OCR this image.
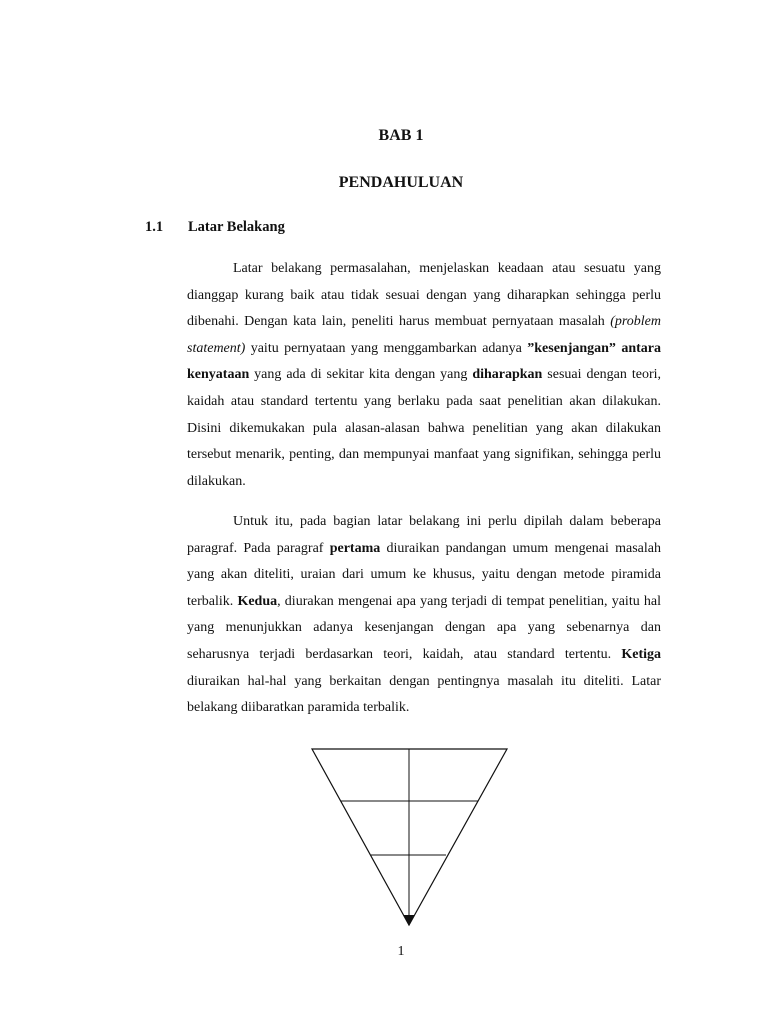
BAB 1
PENDAHULUAN
1.1 Latar Belakang

Latar belakang permasalahan, menjelaskan keadaan atau sesuatu yang dianggap kurang baik atau tidak sesuai dengan yang diharapkan sehingga perlu dibenahi. Dengan kata lain, peneliti harus membuat pernyataan masalah (problem statement) yaitu pernyataan yang menggambarkan adanya ”kesenjangan” antara kenyataan yang ada di sekitar kita dengan yang diharapkan sesuai dengan teori, kaidah atau standard tertentu yang berlaku pada saat penelitian akan dilakukan. Disini dikemukakan pula alasan-alasan bahwa penelitian yang akan dilakukan tersebut menarik, penting, dan mempunyai manfaat yang signifikan, sehingga perlu dilakukan.

Untuk itu, pada bagian latar belakang ini perlu dipilah dalam beberapa paragraf. Pada paragraf pertama diuraikan pandangan umum mengenai masalah yang akan diteliti, uraian dari umum ke khusus, yaitu dengan metode piramida terbalik. Kedua, diurakan mengenai apa yang terjadi di tempat penelitian, yaitu hal yang menunjukkan adanya kesenjangan dengan apa yang sebenarnya dan seharusnya terjadi berdasarkan teori, kaidah, atau standard tertentu. Ketiga diuraikan hal-hal yang berkaitan dengan pentingnya masalah itu diteliti. Latar belakang diibaratkan paramida terbalik.

1
